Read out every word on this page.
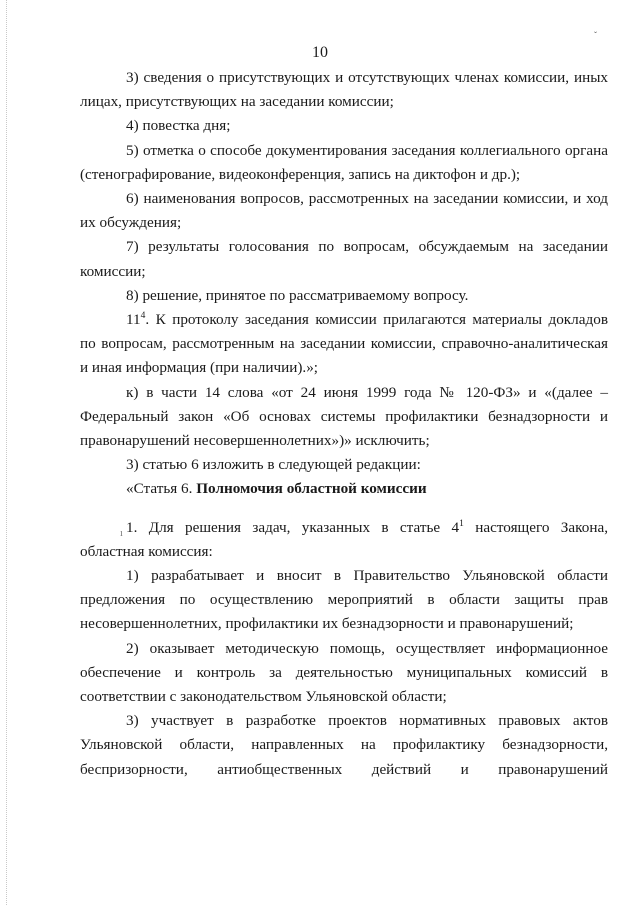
ˇ
10

3) сведения о присутствующих и отсутствующих членах комиссии, иных лицах, присутствующих на заседании комиссии;

4) повестка дня;

5) отметка о способе документирования заседания коллегиального органа (стенографирование, видеоконференция, запись на диктофон и др.);

6) наименования вопросов, рассмотренных на заседании комиссии, и ход их обсуждения;

7) результаты голосования по вопросам, обсуждаемым на заседании комиссии;

8) решение, принятое по рассматриваемому вопросу.

$11^4$. К протоколу заседания комиссии прилагаются материалы докладов по вопросам, рассмотренным на заседании комиссии, справочно-аналитическая и иная информация (при наличии).»;

к) в части 14 слова «от 24 июня 1999 года № 120-ФЗ» и «(далее – Федеральный закон «Об основах системы профилактики безнадзорности и правонарушений несовершеннолетних»)» исключить;

3) статью 6 изложить в следующей редакции:

«Статья 6. Полномочия областной комиссии

1. Для решения задач, указанных в статье $4^1$ настоящего Закона, областная комиссия:

1) разрабатывает и вносит в Правительство Ульяновской области предложения по осуществлению мероприятий в области защиты прав несовершеннолетних, профилактики их безнадзорности и правонарушений;

2) оказывает методическую помощь, осуществляет информационное обеспечение и контроль за деятельностью муниципальных комиссий в соответствии с законодательством Ульяновской области;

3) участвует в разработке проектов нормативных правовых актов Ульяновской области, направленных на профилактику безнадзорности, беспризорности, антиобщественных действий и правонарушений

ı
